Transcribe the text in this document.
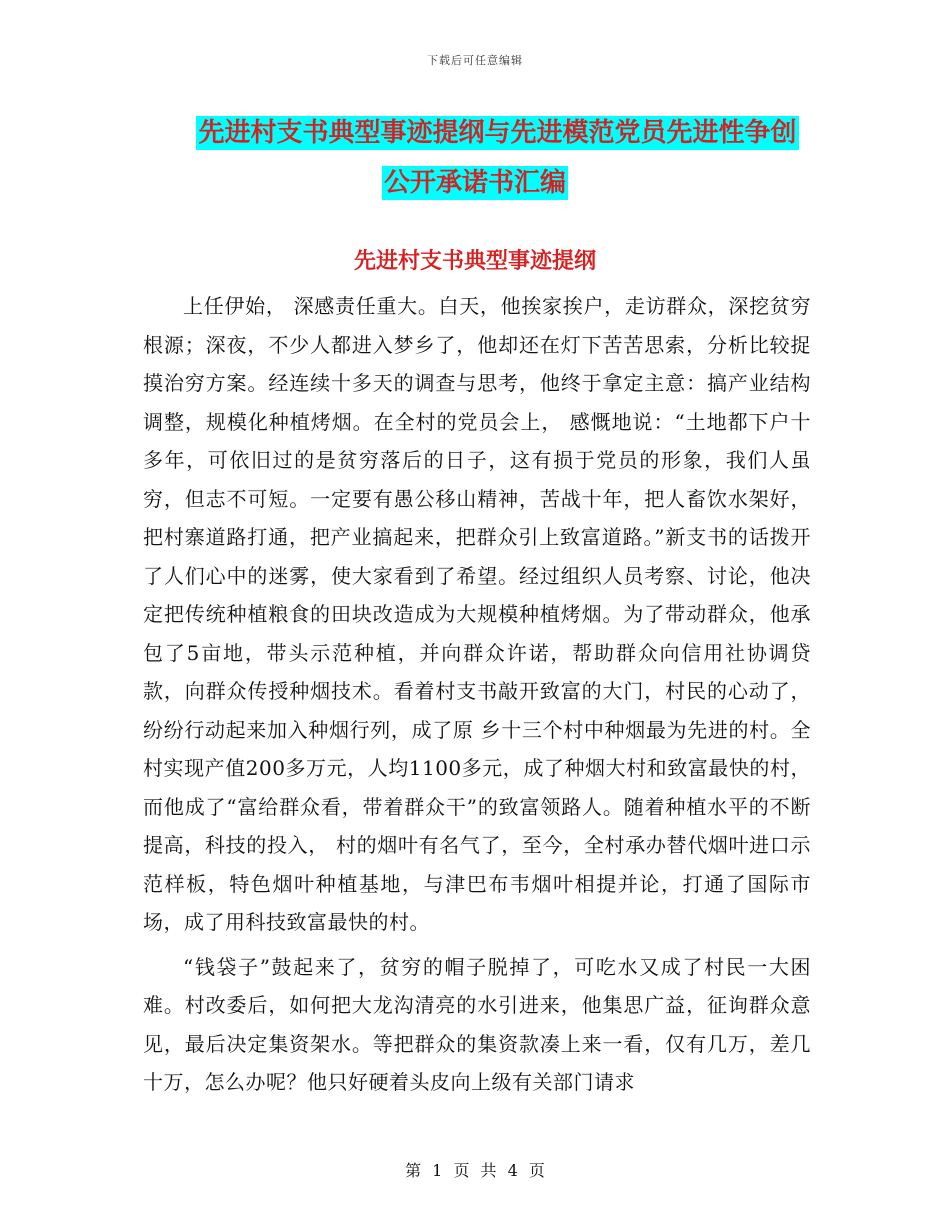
下载后可任意编辑
先进村支书典型事迹提纲与先进模范党员先进性争创
公开承诺书汇编
先进村支书典型事迹提纲

上任伊始， 深感责任重大。白天，他挨家挨户，走访群众，深挖贫穷根源；深夜，不少人都进入梦乡了，他却还在灯下苦苦思索，分析比较捉摸治穷方案。经连续十多天的调查与思考，他终于拿定主意：搞产业结构调整，规模化种植烤烟。在全村的党员会上， 感慨地说：“土地都下户十多年，可依旧过的是贫穷落后的日子，这有损于党员的形象，我们人虽穷，但志不可短。一定要有愚公移山精神，苦战十年，把人畜饮水架好，把村寨道路打通，把产业搞起来，把群众引上致富道路。”新支书的话拨开了人们心中的迷雾，使大家看到了希望。经过组织人员考察、讨论，他决定把传统种植粮食的田块改造成为大规模种植烤烟。为了带动群众，他承包了5亩地，带头示范种植，并向群众许诺，帮助群众向信用社协调贷款，向群众传授种烟技术。看着村支书敲开致富的大门，村民的心动了，纷纷行动起来加入种烟行列，成了原 乡十三个村中种烟最为先进的村。全村实现产值200多万元，人均1100多元，成了种烟大村和致富最快的村，而他成了“富给群众看，带着群众干”的致富领路人。随着种植水平的不断提高，科技的投入， 村的烟叶有名气了，至今，全村承办替代烟叶进口示范样板，特色烟叶种植基地，与津巴布韦烟叶相提并论，打通了国际市场，成了用科技致富最快的村。

“钱袋子”鼓起来了，贫穷的帽子脱掉了，可吃水又成了村民一大困难。村改委后，如何把大龙沟清亮的水引进来，他集思广益，征询群众意见，最后决定集资架水。等把群众的集资款凑上来一看，仅有几万，差几十万，怎么办呢？他只好硬着头皮向上级有关部门请求

第 1 页 共 4 页
